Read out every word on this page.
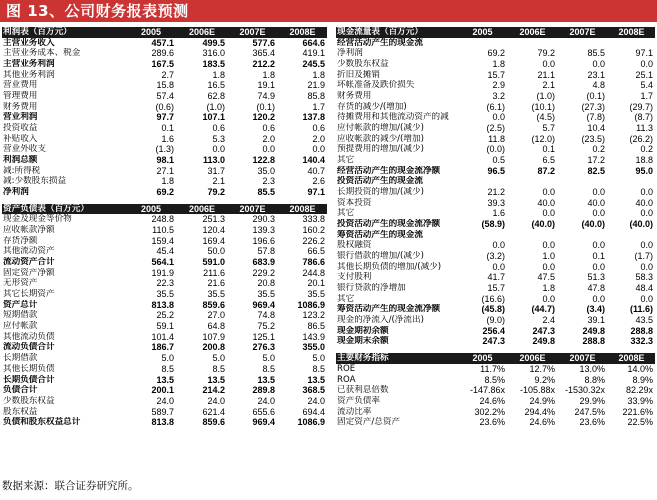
图 13、公司财务报表预测
利润表（百万元）	2005	2006E	2007E	2008E
主营业务收入	457.1	499.5	577.6	664.6
主营业务成本、税金	289.6	316.0	365.4	419.1
主营业务利润	167.5	183.5	212.2	245.5
其他业务利润	2.7	1.8	1.8	1.8
营业费用	15.8	16.5	19.1	21.9
管理费用	57.4	62.8	74.9	85.8
财务费用	(0.6)	(1.0)	(0.1)	1.7
营业利润	97.7	107.1	120.2	137.8
投资收益	0.1	0.6	0.6	0.6
补贴收入	1.6	5.3	2.0	2.0
营业外收支	(1.3)	0.0	0.0	0.0
利润总额	98.1	113.0	122.8	140.4
减:所得税	27.1	31.7	35.0	40.7
减:少数股东损益	1.8	2.1	2.3	2.6
净利润	69.2	79.2	85.5	97.1
资产负债表（百万元）	2005	2006E	2007E	2008E
现金及现金等价物	248.8	251.3	290.3	333.8
应收帐款净额	110.5	120.4	139.3	160.2
存货净额	159.4	169.4	196.6	226.2
其他流动资产	45.4	50.0	57.8	66.5
流动资产合计	564.1	591.0	683.9	786.6
固定资产净额	191.9	211.6	229.2	244.8
无形资产	22.3	21.6	20.8	20.1
其它长期资产	35.5	35.5	35.5	35.5
资产总计	813.8	859.6	969.4	1086.9
短期借款	25.2	27.0	74.8	123.2
应付帐款	59.1	64.8	75.2	86.5
其他流动负债	101.4	107.9	125.1	143.9
流动负债合计	186.7	200.8	276.3	355.0
长期借款	5.0	5.0	5.0	5.0
其他长期负债	8.5	8.5	8.5	8.5
长期负债合计	13.5	13.5	13.5	13.5
负债合计	200.1	214.2	289.8	368.5
少数股东权益	24.0	24.0	24.0	24.0
股东权益	589.7	621.4	655.6	694.4
负债和股东权益总计	813.8	859.6	969.4	1086.9
现金流量表（百万元）	2005	2006E	2007E	2008E
经营活动产生的现金流				
净利润	69.2	79.2	85.5	97.1
少数股东权益	1.8	0.0	0.0	0.0
折旧及摊销	15.7	21.1	23.1	25.1
坏帐准备及跌价损失	2.9	2.1	4.8	5.4
财务费用	3.2	(1.0)	(0.1)	1.7
存货的减少/(增加)	(6.1)	(10.1)	(27.3)	(29.7)
待摊费用和其他流动资产的减	0.0	(4.5)	(7.8)	(8.7)
应付帐款的增加/(减少)	(2.5)	5.7	10.4	11.3
应收帐款的减少/(增加)	11.8	(12.0)	(23.5)	(26.2)
预提费用的增加/(减少)	(0.0)	0.1	0.2	0.2
其它	0.5	6.5	17.2	18.8
经营活动产生的现金流净额	96.5	87.2	82.5	95.0
投资活动产生的现金流				
长期投资的增加/(减少)	21.2	0.0	0.0	0.0
资本投资	39.3	40.0	40.0	40.0
其它	1.6	0.0	0.0	0.0
投资活动产生的现金流净额	(58.9)	(40.0)	(40.0)	(40.0)
筹资活动产生的现金流				
股权融资	0.0	0.0	0.0	0.0
银行借款的增加/(减少)	(3.2)	1.0	0.1	(1.7)
其他长期负债的增加/(减少)	0.0	0.0	0.0	0.0
支付股利	41.7	47.5	51.3	58.3
银行贷款的净增加	15.7	1.8	47.8	48.4
其它	(16.6)	0.0	0.0	0.0
筹资活动产生的现金流净额	(45.8)	(44.7)	(3.4)	(11.6)
现金的净流入/(净流出)	(9.0)	2.4	39.1	43.5
现金期初余额	256.4	247.3	249.8	288.8
现金期末余额	247.3	249.8	288.8	332.3
主要财务指标	2005	2006E	2007E	2008E
ROE	11.7%	12.7%	13.0%	14.0%
ROA	8.5%	9.2%	8.8%	8.9%
已获利息倍数	-147.86x	-105.88x	-1530.32x	82.29x
资产负债率	24.6%	24.9%	29.9%	33.9%
流动比率	302.2%	294.4%	247.5%	221.6%
固定资产/总资产	23.6%	24.6%	23.6%	22.5%
数据来源：联合证券研究所。
